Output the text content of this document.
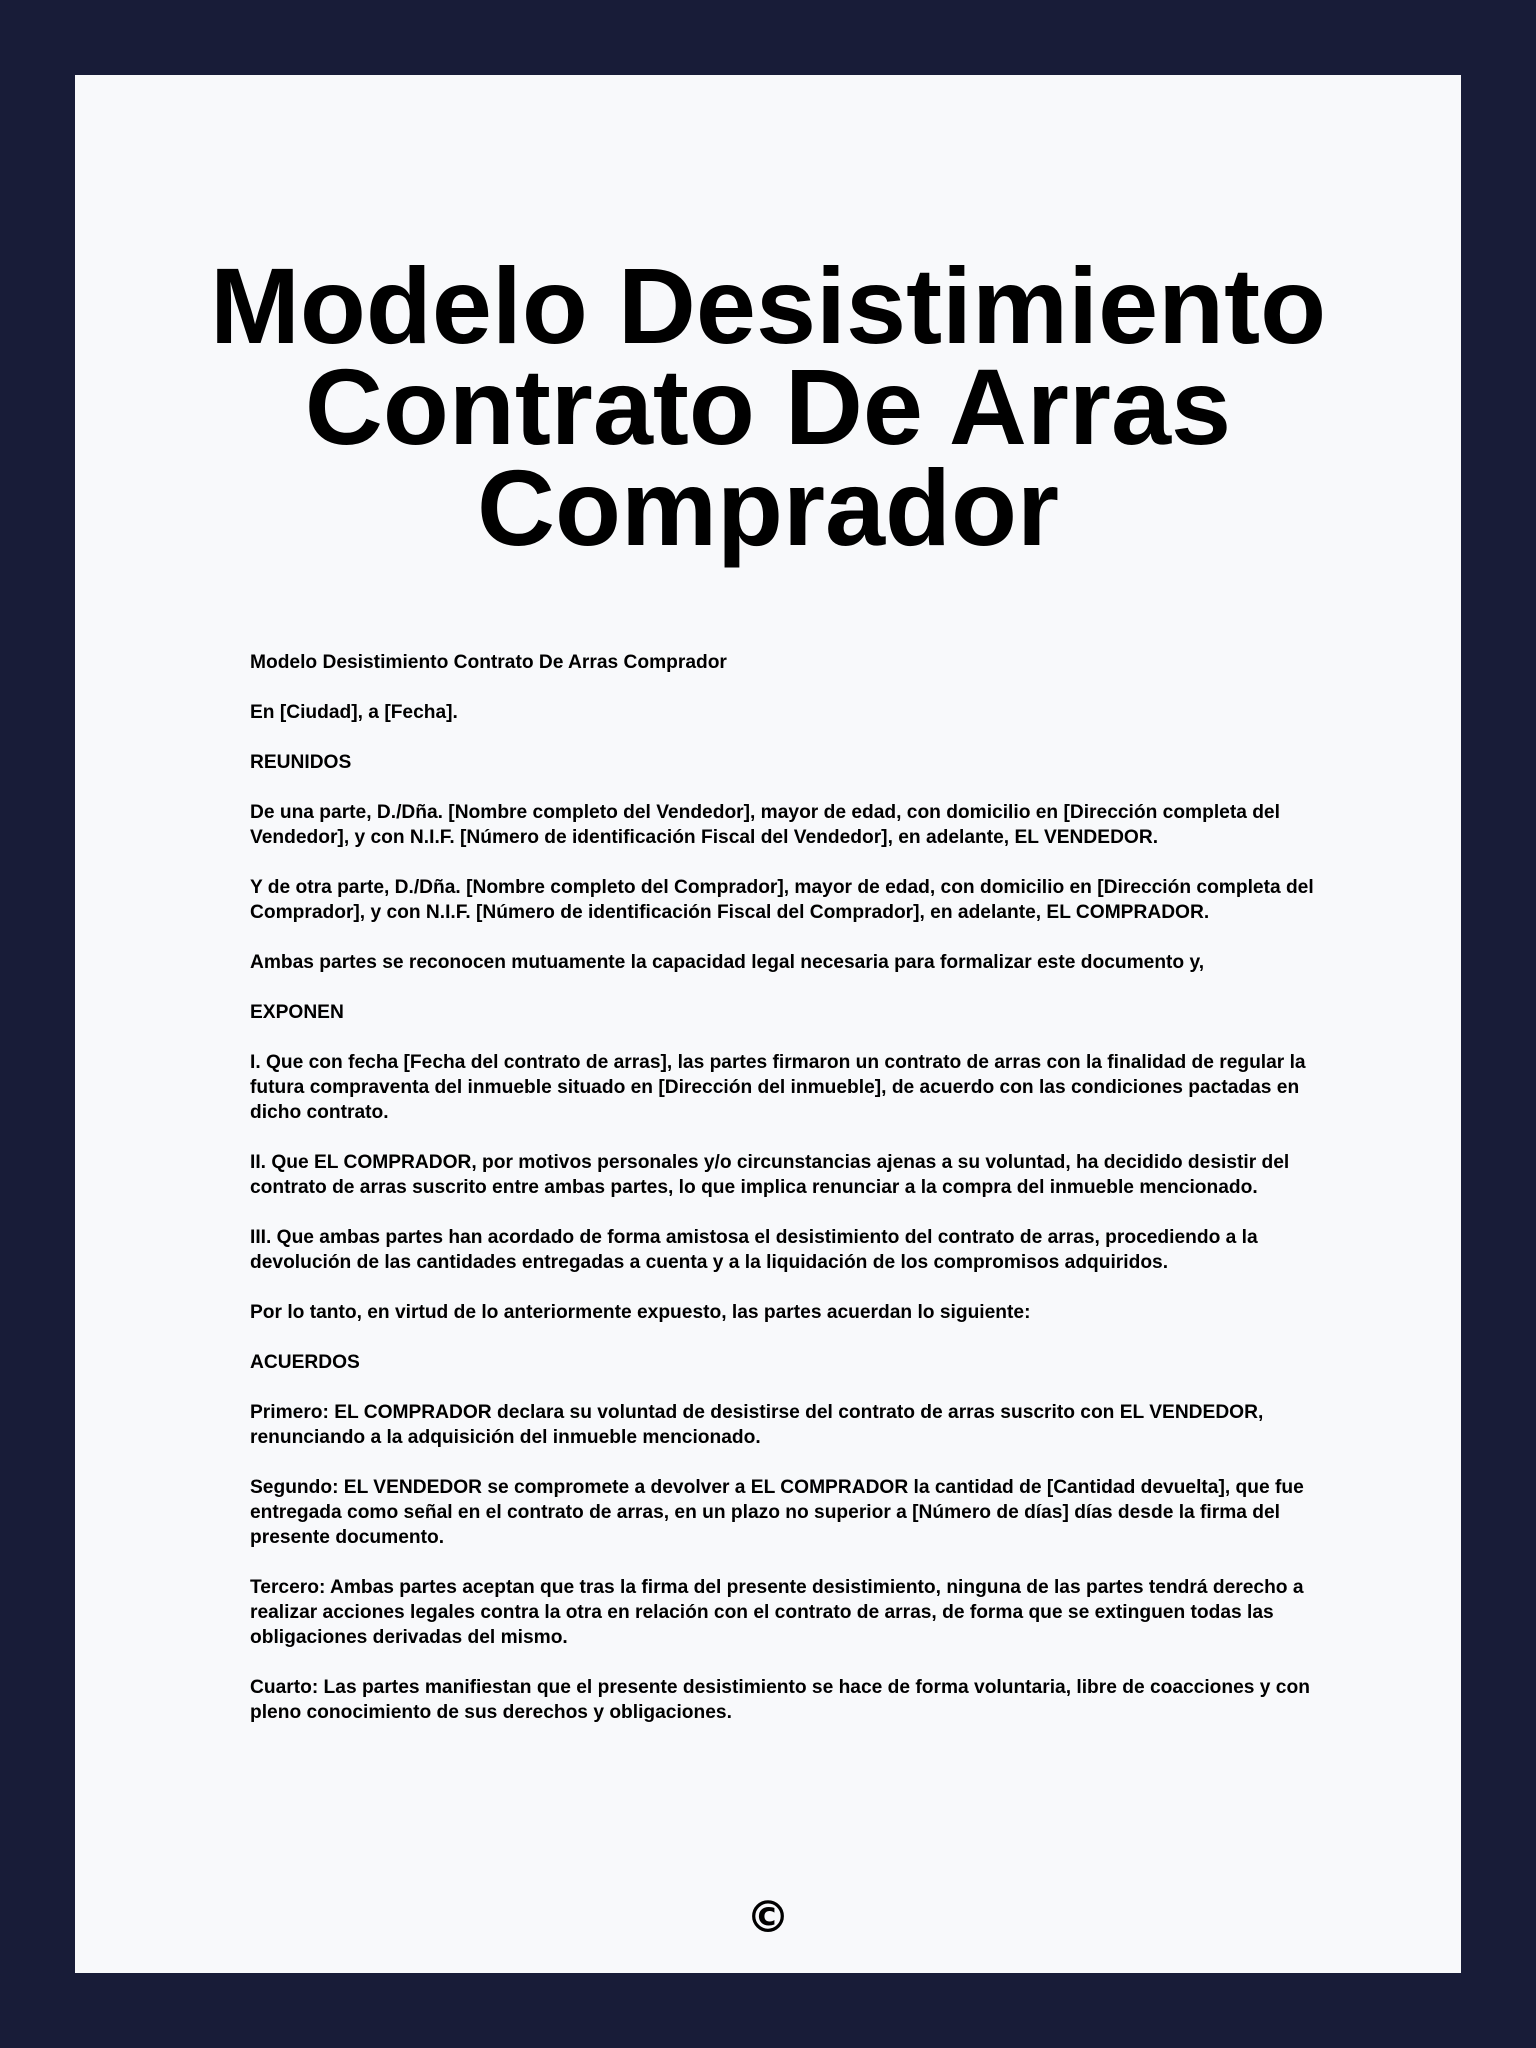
Modelo Desistimiento Contrato De Arras Comprador

Modelo Desistimiento Contrato De Arras Comprador

En [Ciudad], a [Fecha].

REUNIDOS

De una parte, D./Dña. [Nombre completo del Vendedor], mayor de edad, con domicilio en [Dirección completa del Vendedor], y con N.I.F. [Número de identificación Fiscal del Vendedor], en adelante, EL VENDEDOR.

Y de otra parte, D./Dña. [Nombre completo del Comprador], mayor de edad, con domicilio en [Dirección completa del Comprador], y con N.I.F. [Número de identificación Fiscal del Comprador], en adelante, EL COMPRADOR.

Ambas partes se reconocen mutuamente la capacidad legal necesaria para formalizar este documento y,

EXPONEN

I. Que con fecha [Fecha del contrato de arras], las partes firmaron un contrato de arras con la finalidad de regular la futura compraventa del inmueble situado en [Dirección del inmueble], de acuerdo con las condiciones pactadas en dicho contrato.

II. Que EL COMPRADOR, por motivos personales y/o circunstancias ajenas a su voluntad, ha decidido desistir del contrato de arras suscrito entre ambas partes, lo que implica renunciar a la compra del inmueble mencionado.

III. Que ambas partes han acordado de forma amistosa el desistimiento del contrato de arras, procediendo a la devolución de las cantidades entregadas a cuenta y a la liquidación de los compromisos adquiridos.

Por lo tanto, en virtud de lo anteriormente expuesto, las partes acuerdan lo siguiente:

ACUERDOS

Primero: EL COMPRADOR declara su voluntad de desistirse del contrato de arras suscrito con EL VENDEDOR, renunciando a la adquisición del inmueble mencionado.

Segundo: EL VENDEDOR se compromete a devolver a EL COMPRADOR la cantidad de [Cantidad devuelta], que fue entregada como señal en el contrato de arras, en un plazo no superior a [Número de días] días desde la firma del presente documento.

Tercero: Ambas partes aceptan que tras la firma del presente desistimiento, ninguna de las partes tendrá derecho a realizar acciones legales contra la otra en relación con el contrato de arras, de forma que se extinguen todas las obligaciones derivadas del mismo.

Cuarto: Las partes manifiestan que el presente desistimiento se hace de forma voluntaria, libre de coacciones y con pleno conocimiento de sus derechos y obligaciones.

©
